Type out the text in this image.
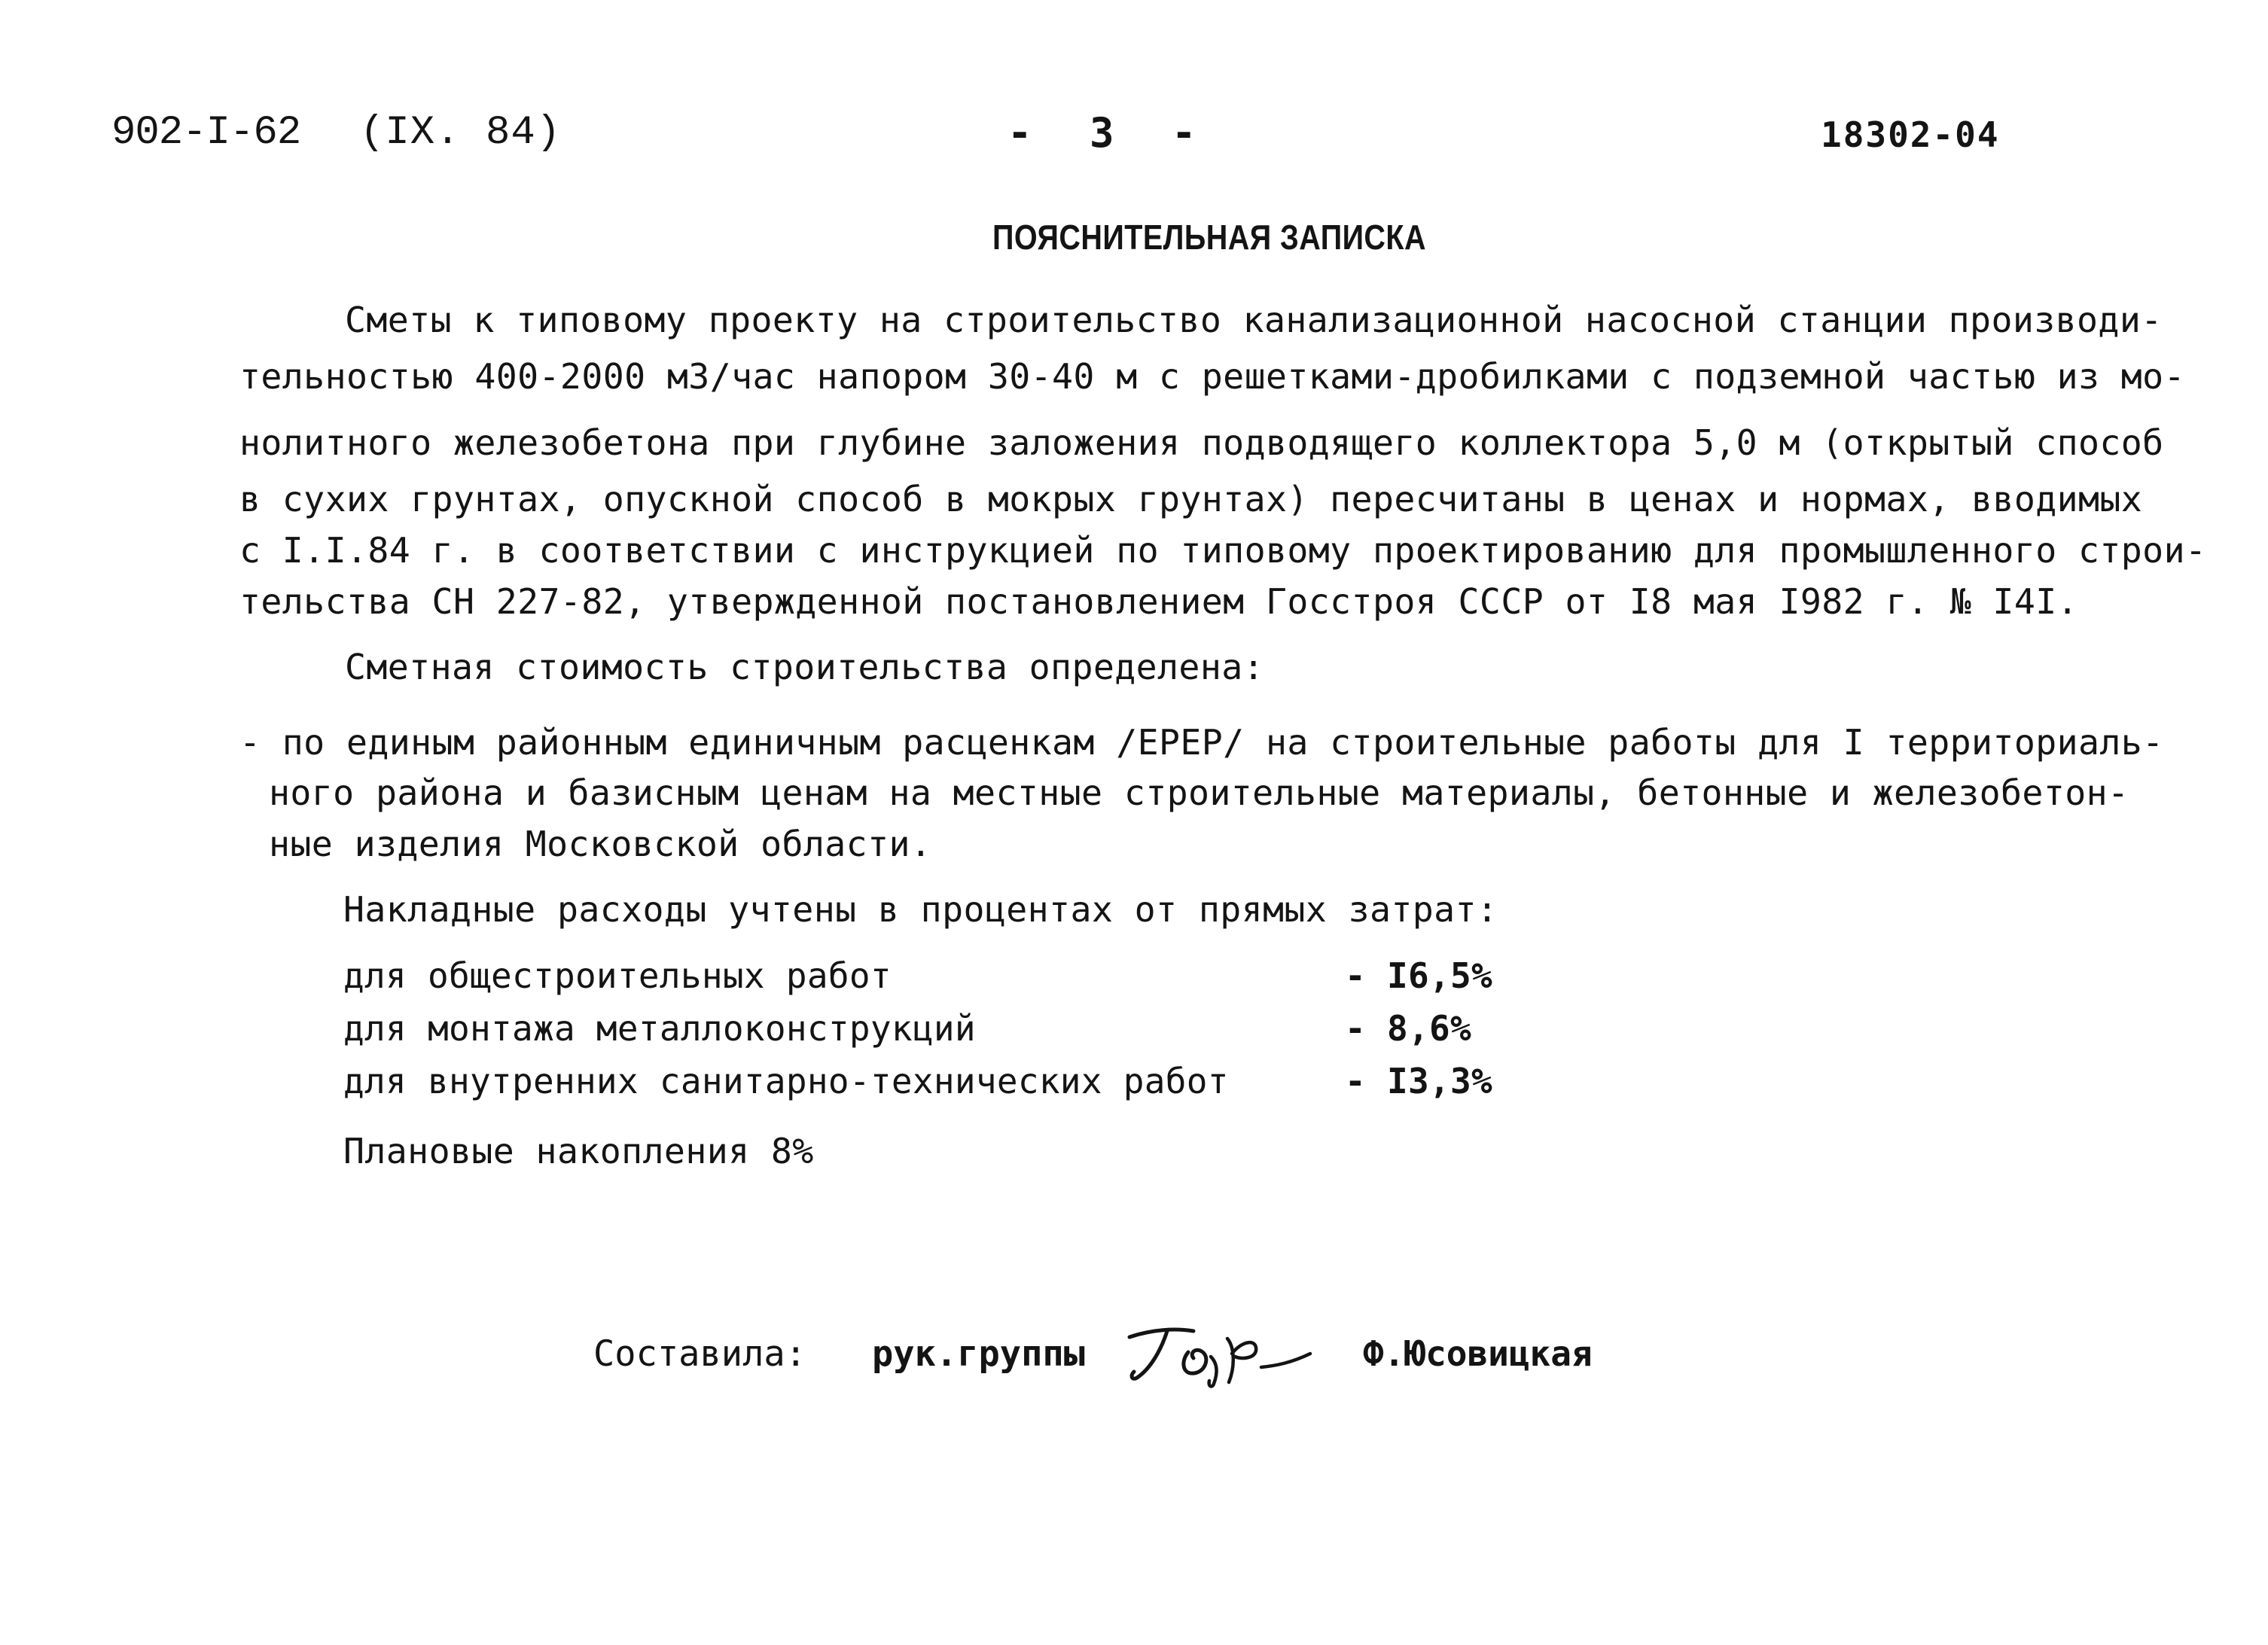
902-I-62 (IX. 84)	- 3 -	18302-04
ПОЯСНИТЕЛЬНАЯ ЗАПИСКА
Сметы к типовому проекту на строительство канализационной насосной станции производи-
тельностью 400-2000 м3/час напором 30-40 м с решетками-дробилками с подземной частью из мо-
нолитного железобетона при глубине заложения подводящего коллектора 5,0 м (открытый способ
в сухих грунтах, опускной способ в мокрых грунтах) пересчитаны в ценах и нормах, вводимых
с I.I.84 г. в соответствии с инструкцией по типовому проектированию для промышленного строи-
тельства СН 227-82, утвержденной постановлением Госстроя СССР от I8 мая I982 г. № I4I.
Сметная стоимость строительства определена:
- по единым районным единичным расценкам /ЕРЕР/ на строительные работы для I территориаль-
ного района и базисным ценам на местные строительные материалы, бетонные и железобетон-
ные изделия Московской области.
Накладные расходы учтены в процентах от прямых затрат:
для общестроительных работ	- I6,5%
для монтажа металлоконструкций	- 8,6%
для внутренних санитарно-технических работ	- I3,3%
Плановые накопления 8%
Составила: рук.группы	Ф.Юсовицкая
